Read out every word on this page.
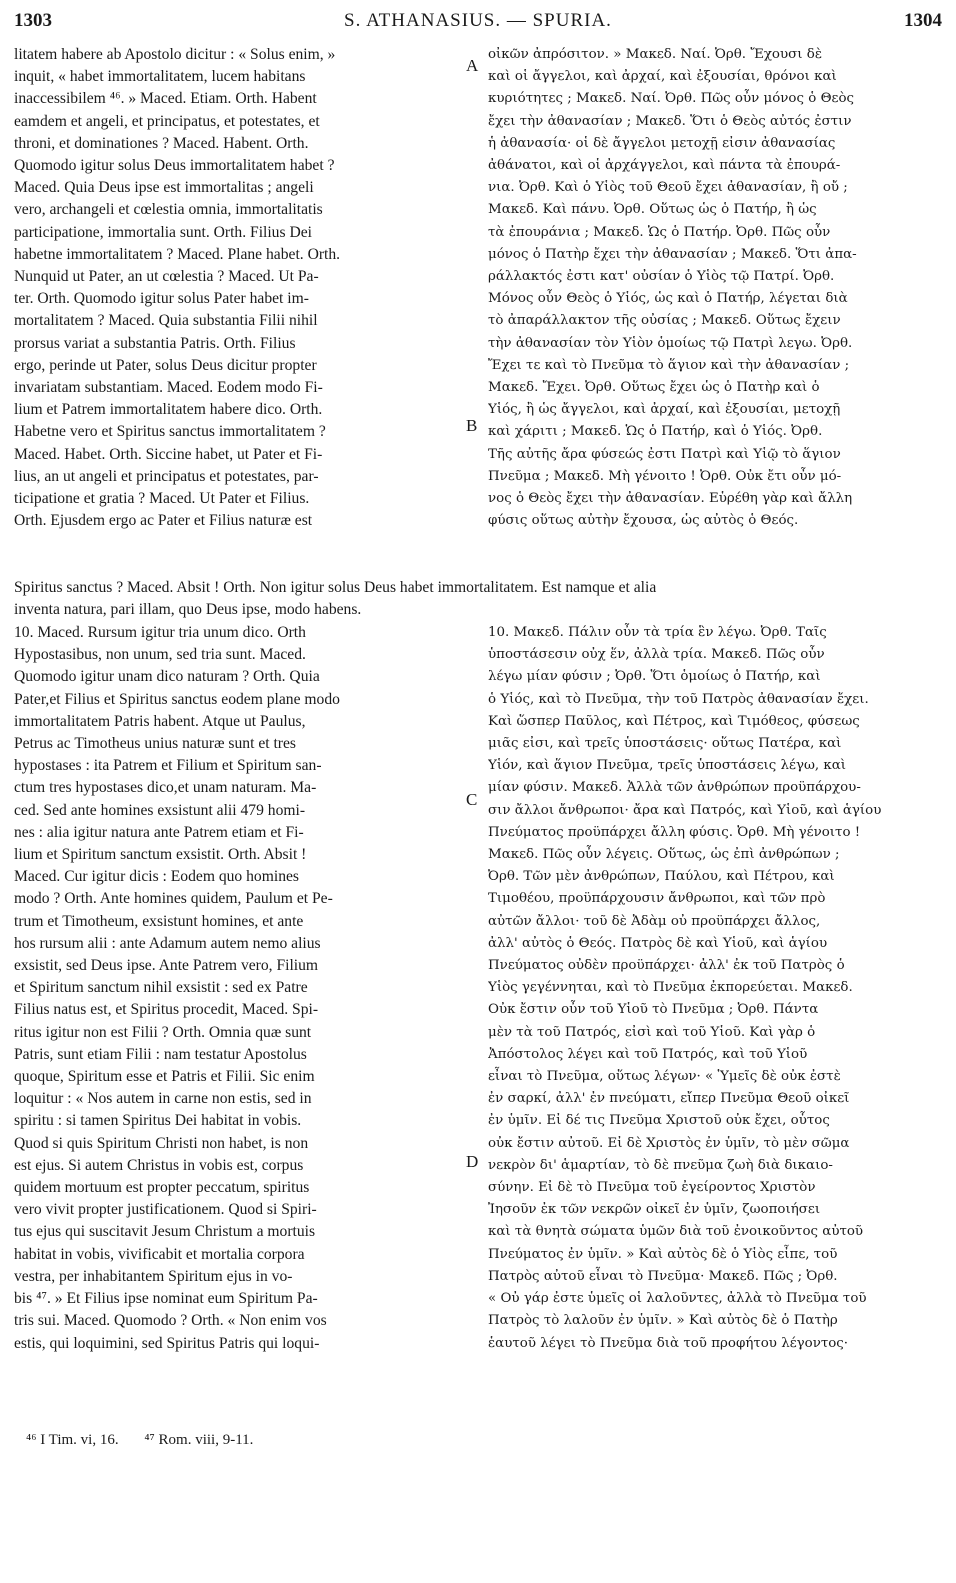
1303	S. ATHANASIUS. — SPURIA.	1304
litatem habere ab Apostolo dicitur : « Solus enim, »
inquit, « habet immortalitatem, lucem habitans
inaccessibilem ⁴⁶. » Maced. Etiam. Orth. Habent
eamdem et angeli, et principatus, et potestates, et
throni, et dominationes ? Maced. Habent. Orth.
Quomodo igitur solus Deus immortalitatem habet ?
Maced. Quia Deus ipse est immortalitas ; angeli
vero, archangeli et cœlestia omnia, immortalitatis
participatione, immortalia sunt. Orth. Filius Dei
habetne immortalitatem ? Maced. Plane habet. Orth.
Nunquid ut Pater, an ut cœlestia ? Maced. Ut Pa-
ter. Orth. Quomodo igitur solus Pater habet im-
mortalitatem ? Maced. Quia substantia Filii nihil
prorsus variat a substantia Patris. Orth. Filius
ergo, perinde ut Pater, solus Deus dicitur propter
invariatam substantiam. Maced. Eodem modo Fi-
lium et Patrem immortalitatem habere dico. Orth.
Habetne vero et Spiritus sanctus immortalitatem ?
Maced. Habet. Orth. Siccine habet, ut Pater et Fi-
lius, an ut angeli et principatus et potestates, par-
ticipatione et gratia ? Maced. Ut Pater et Filius.
Orth. Ejusdem ergo ac Pater et Filius naturæ est
οἰκῶν ἀπρόσιτον. » Μακεδ. Ναί. Ὀρθ. Ἔχουσι δὲ
καὶ οἱ ἄγγελοι, καὶ ἀρχαί, καὶ ἐξουσίαι, θρόνοι καὶ
κυριότητες ; Μακεδ. Ναί. Ὀρθ. Πῶς οὖν μόνος ὁ Θεὸς
ἔχει τὴν ἀθανασίαν ; Μακεδ. Ὅτι ὁ Θεὸς αὐτός ἐστιν
ἡ ἀθανασία· οἱ δὲ ἄγγελοι μετοχῇ εἰσιν ἀθανασίας
ἀθάνατοι, καὶ οἱ ἀρχάγγελοι, καὶ πάντα τὰ ἐπουρά-
νια. Ὀρθ. Καὶ ὁ Υἱὸς τοῦ Θεοῦ ἔχει ἀθανασίαν, ἢ οὔ ;
Μακεδ. Καὶ πάνυ. Ὀρθ. Οὕτως ὡς ὁ Πατήρ, ἢ ὡς
τὰ ἐπουράνια ; Μακεδ. Ὡς ὁ Πατήρ. Ὀρθ. Πῶς οὖν
μόνος ὁ Πατὴρ ἔχει τὴν ἀθανασίαν ; Μακεδ. Ὅτι ἀπα-
ράλλακτός ἐστι κατ' οὐσίαν ὁ Υἱὸς τῷ Πατρί. Ὀρθ.
Μόνος οὖν Θεὸς ὁ Υἱός, ὡς καὶ ὁ Πατήρ, λέγεται διὰ
τὸ ἀπαράλλακτον τῆς οὐσίας ; Μακεδ. Οὕτως ἔχειν
τὴν ἀθανασίαν τὸν Υἱὸν ὁμοίως τῷ Πατρὶ λεγω. Ὀρθ.
Ἔχει τε καὶ τὸ Πνεῦμα τὸ ἅγιον καὶ τὴν ἀθανασίαν ;
Μακεδ. Ἔχει. Ὀρθ. Οὕτως ἔχει ὡς ὁ Πατὴρ καὶ ὁ
Υἱός, ἢ ὡς ἄγγελοι, καὶ ἀρχαί, καὶ ἐξουσίαι, μετοχῇ
καὶ χάριτι ; Μακεδ. Ὡς ὁ Πατήρ, καὶ ὁ Υἱός. Ὀρθ.
Τῆς αὐτῆς ἄρα φύσεώς ἐστι Πατρὶ καὶ Υἱῷ τὸ ἅγιον
Πνεῦμα ; Μακεδ. Μὴ γένοιτο ! Ὀρθ. Οὐκ ἔτι οὖν μό-
νος ὁ Θεὸς ἔχει τὴν ἀθανασίαν. Εὑρέθη γὰρ καὶ ἄλλη
φύσις οὕτως αὐτὴν ἔχουσα, ὡς αὐτὸς ὁ Θεός.
Spiritus sanctus ? Maced. Absit ! Orth. Non igitur solus Deus habet immortalitatem. Est namque et alia
inventa natura, pari illam, quo Deus ipse, modo habens.
10. Maced. Rursum igitur tria unum dico. Orth
Hypostasibus, non unum, sed tria sunt. Maced.
Quomodo igitur unam dico naturam ? Orth. Quia
Pater,et Filius et Spiritus sanctus eodem plane modo
immortalitatem Patris habent. Atque ut Paulus,
Petrus ac Timotheus unius naturæ sunt et tres
hypostases : ita Patrem et Filium et Spiritum san-
ctum tres hypostases dico,et unam naturam. Ma-
ced. Sed ante homines exsistunt alii 479 homi-
nes : alia igitur natura ante Patrem etiam et Fi-
lium et Spiritum sanctum exsistit. Orth. Absit !
Maced. Cur igitur dicis : Eodem quo homines
modo ? Orth. Ante homines quidem, Paulum et Pe-
trum et Timotheum, exsistunt homines, et ante
hos rursum alii : ante Adamum autem nemo alius
exsistit, sed Deus ipse. Ante Patrem vero, Filium
et Spiritum sanctum nihil exsistit : sed ex Patre
Filius natus est, et Spiritus procedit, Maced. Spi-
ritus igitur non est Filii ? Orth. Omnia quæ sunt
Patris, sunt etiam Filii : nam testatur Apostolus
quoque, Spiritum esse et Patris et Filii. Sic enim
loquitur : « Nos autem in carne non estis, sed in
spiritu : si tamen Spiritus Dei habitat in vobis.
Quod si quis Spiritum Christi non habet, is non
est ejus. Si autem Christus in vobis est, corpus
quidem mortuum est propter peccatum, spiritus
vero vivit propter justificationem. Quod si Spiri-
tus ejus qui suscitavit Jesum Christum a mortuis
habitat in vobis, vivificabit et mortalia corpora
vestra, per inhabitantem Spiritum ejus in vo-
bis ⁴⁷. » Et Filius ipse nominat eum Spiritum Pa-
tris sui. Maced. Quomodo ? Orth. « Non enim vos
estis, qui loquimini, sed Spiritus Patris qui loqui-
10. Μακεδ. Πάλιν οὖν τὰ τρία ἓν λέγω. Ὀρθ. Ταῖς
ὑποστάσεσιν οὐχ ἕν, ἀλλὰ τρία. Μακεδ. Πῶς οὖν
λέγω μίαν φύσιν ; Ὀρθ. Ὅτι ὁμοίως ὁ Πατήρ, καὶ
ὁ Υἱός, καὶ τὸ Πνεῦμα, τὴν τοῦ Πατρὸς ἀθανασίαν ἔχει.
Καὶ ὥσπερ Παῦλος, καὶ Πέτρος, καὶ Τιμόθεος, φύσεως
μιᾶς εἰσι, καὶ τρεῖς ὑποστάσεις· οὕτως Πατέρα, καὶ
Υἱόν, καὶ ἅγιον Πνεῦμα, τρεῖς ὑποστάσεις λέγω, καὶ
μίαν φύσιν. Μακεδ. Ἀλλὰ τῶν ἀνθρώπων προϋπάρχου-
σιν ἄλλοι ἄνθρωποι· ἄρα καὶ Πατρός, καὶ Υἱοῦ, καὶ ἁγίου
Πνεύματος προϋπάρχει ἄλλη φύσις. Ὀρθ. Μὴ γένοιτο !
Μακεδ. Πῶς οὖν λέγεις. Οὕτως, ὡς ἐπὶ ἀνθρώπων ;
Ὀρθ. Τῶν μὲν ἀνθρώπων, Παύλου, καὶ Πέτρου, καὶ
Τιμοθέου, προϋπάρχουσιν ἄνθρωποι, καὶ τῶν πρὸ
αὐτῶν ἄλλοι· τοῦ δὲ Ἀδὰμ οὐ προϋπάρχει ἄλλος,
ἀλλ' αὐτὸς ὁ Θεός. Πατρὸς δὲ καὶ Υἱοῦ, καὶ ἁγίου
Πνεύματος οὐδὲν προϋπάρχει· ἀλλ' ἐκ τοῦ Πατρὸς ὁ
Υἱὸς γεγέννηται, καὶ τὸ Πνεῦμα ἐκπορεύεται. Μακεδ.
Οὐκ ἔστιν οὖν τοῦ Υἱοῦ τὸ Πνεῦμα ; Ὀρθ. Πάντα
μὲν τὰ τοῦ Πατρός, εἰσὶ καὶ τοῦ Υἱοῦ. Καὶ γὰρ ὁ
Ἀπόστολος λέγει καὶ τοῦ Πατρός, καὶ τοῦ Υἱοῦ
εἶναι τὸ Πνεῦμα, οὕτως λέγων· « Ὑμεῖς δὲ οὐκ ἐστὲ
ἐν σαρκί, ἀλλ' ἐν πνεύματι, εἴπερ Πνεῦμα Θεοῦ οἰκεῖ
ἐν ὑμῖν. Εἰ δέ τις Πνεῦμα Χριστοῦ οὐκ ἔχει, οὗτος
οὐκ ἔστιν αὐτοῦ. Εἰ δὲ Χριστὸς ἐν ὑμῖν, τὸ μὲν σῶμα
νεκρὸν δι' ἁμαρτίαν, τὸ δὲ πνεῦμα ζωὴ διὰ δικαιο-
σύνην. Εἰ δὲ τὸ Πνεῦμα τοῦ ἐγείροντος Χριστὸν
Ἰησοῦν ἐκ τῶν νεκρῶν οἰκεῖ ἐν ὑμῖν, ζωοποιήσει
καὶ τὰ θνητὰ σώματα ὑμῶν διὰ τοῦ ἐνοικοῦντος αὐτοῦ
Πνεύματος ἐν ὑμῖν. » Καὶ αὐτὸς δὲ ὁ Υἱὸς εἶπε, τοῦ
Πατρὸς αὐτοῦ εἶναι τὸ Πνεῦμα· Μακεδ. Πῶς ; Ὀρθ.
« Οὐ γάρ ἐστε ὑμεῖς οἱ λαλοῦντες, ἀλλὰ τὸ Πνεῦμα τοῦ
Πατρὸς τὸ λαλοῦν ἐν ὑμῖν. » Καὶ αὐτὸς δὲ ὁ Πατὴρ
ἑαυτοῦ λέγει τὸ Πνεῦμα διὰ τοῦ προφήτου λέγοντος·
A
B
C
D
⁴⁶ I Tim. vi, 16. ⁴⁷ Rom. viii, 9-11.
